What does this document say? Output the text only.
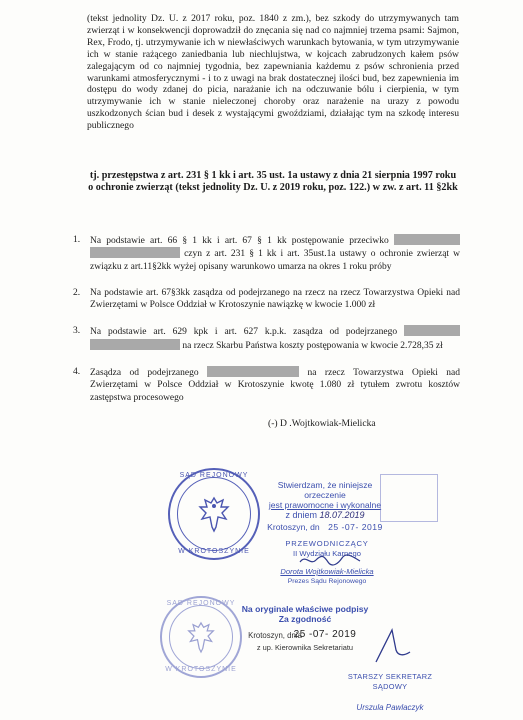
(tekst jednolity Dz. U. z 2017 roku, poz. 1840 z zm.), bez szkody do utrzymywanych tam zwierząt i w konsekwencji doprowadził do znęcania się nad co najmniej trzema psami: Sajmon, Rex, Frodo, tj. utrzymywanie ich w niewłaściwych warunkach bytowania, w tym utrzymywanie ich w stanie rażącego zaniedbania lub niechlujstwa, w kojcach zabrudzonych kałem psów zalegającym od co najmniej tygodnia, bez zapewniania każdemu z psów schronienia przed warunkami atmosferycznymi - i to z uwagi na brak dostatecznej ilości bud, bez zapewnienia im dostępu do wody zdanej do picia, narażanie ich na odczuwanie bólu i cierpienia, w tym utrzymywanie ich w stanie nieleczonej choroby oraz narażenie na urazy z powodu uszkodzonych ścian bud i desek z wystającymi gwoździami, działając tym na szkodę interesu publicznego

tj. przestępstwa z art. 231 § 1 kk i art. 35 ust. 1a ustawy z dnia 21 sierpnia 1997 roku o ochronie zwierząt (tekst jednolity Dz. U. z 2019 roku, poz. 122.) w zw. z art. 11 §2kk

1. Na podstawie art. 66 § 1 kk i art. 67 § 1 kk postępowanie przeciwko   czyn z art. 231 § 1 kk i art. 35ust.1a ustawy o ochronie zwierząt w związku z art.11§2kk wyżej opisany warunkowo umarza na okres 1 roku próby
2. Na podstawie art. 67§3kk zasądza od podejrzanego na rzecz na rzecz Towarzystwa Opieki nad Zwierzętami w Polsce Oddział w Krotoszynie nawiązkę w kwocie 1.000 zł
3. Na podstawie art. 629 kpk i art. 627 k.p.k. zasądza od podejrzanego   na rzecz Skarbu Państwa koszty postępowania w kwocie 2.728,35 zł
4. Zasądza od podejrzanego	na rzecz Towarzystwa Opieki nad Zwierzętami w Polsce Oddział w Krotoszynie kwotę 1.080 zł tytułem zwrotu kosztów zastępstwa procesowego
(-) D .Wojtkowiak-Mielicka
SĄD REJONOWY
W KROTOSZYNIE
Stwierdzam, że niniejsze orzeczenie
jest prawomocne i wykonalne
z dniem 18.07.2019
Krotoszyn, dn 25 -07- 2019
PRZEWODNICZĄCY
II Wydziału Karnego
Dorota Wojtkowiak-Mielicka
Prezes Sądu Rejonowego
SĄD REJONOWY
W KROTOSZYNIE
Na oryginale właściwe podpisy
Za zgodność
25 -07- 2019
Krotoszyn, dnia
z up. Kierownika Sekretariatu
STARSZY SEKRETARZ SĄDOWY
Urszula Pawlaczyk
